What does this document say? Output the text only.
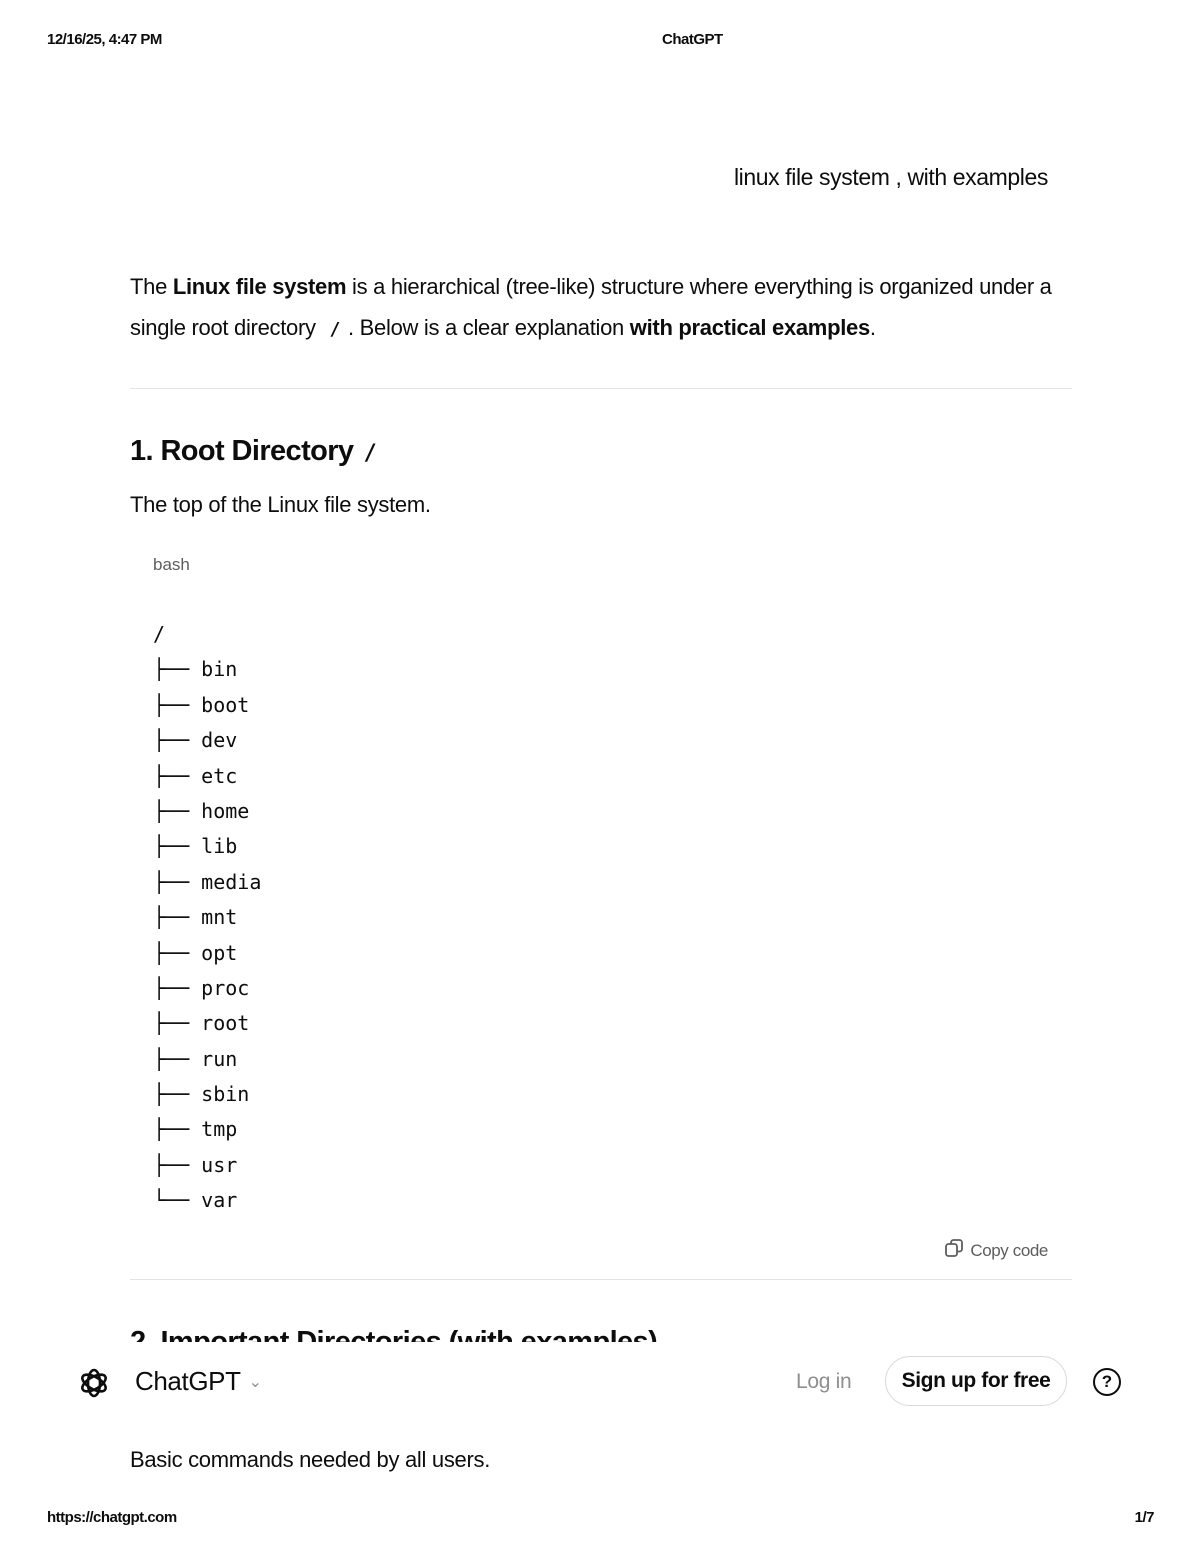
12/16/25, 4:47 PM	ChatGPT
linux file system , with examples
The Linux file system is a hierarchical (tree-like) structure where everything is organized under a single root directory / . Below is a clear explanation with practical examples.
1. Root Directory /
The top of the Linux file system.
bash
/
├── bin
├── boot
├── dev
├── etc
├── home
├── lib
├── media
├── mnt
├── opt
├── proc
├── root
├── run
├── sbin
├── tmp
├── usr
└── var
Copy code
ChatGPT ⌄	Log in	Sign up for free	?
Basic commands needed by all users.
https://chatgpt.com	1/7
